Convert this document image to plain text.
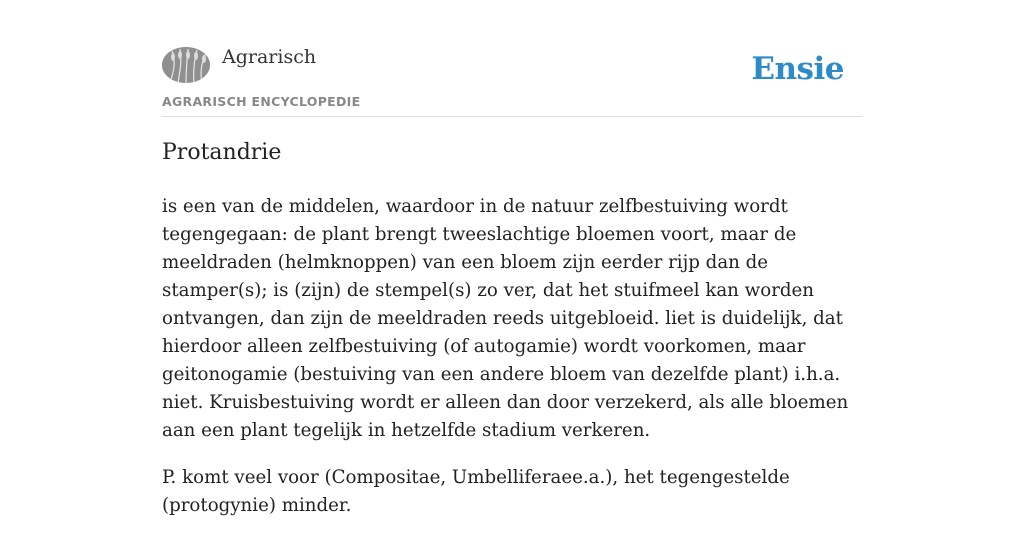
Agrarisch
AGRARISCH ENCYCLOPEDIE
Ensie
Protandrie

is een van de middelen, waardoor in de natuur zelfbestuiving wordt tegengegaan: de plant brengt tweeslachtige bloemen voort, maar de meeldraden (helmknoppen) van een bloem zijn eerder rijp dan de stamper(s); is (zijn) de stempel(s) zo ver, dat het stuifmeel kan worden ontvangen, dan zijn de meeldraden reeds uitgebloeid. liet is duidelijk, dat hierdoor alleen zelfbestuiving (of autogamie) wordt voorkomen, maar geitonogamie (bestuiving van een andere bloem van dezelfde plant) i.h.a. niet. Kruisbestuiving wordt er alleen dan door verzekerd, als alle bloemen aan een plant tegelijk in hetzelfde stadium verkeren.

P. komt veel voor (Compositae, Umbelliferaee.a.), het tegengestelde (protogynie) minder.
